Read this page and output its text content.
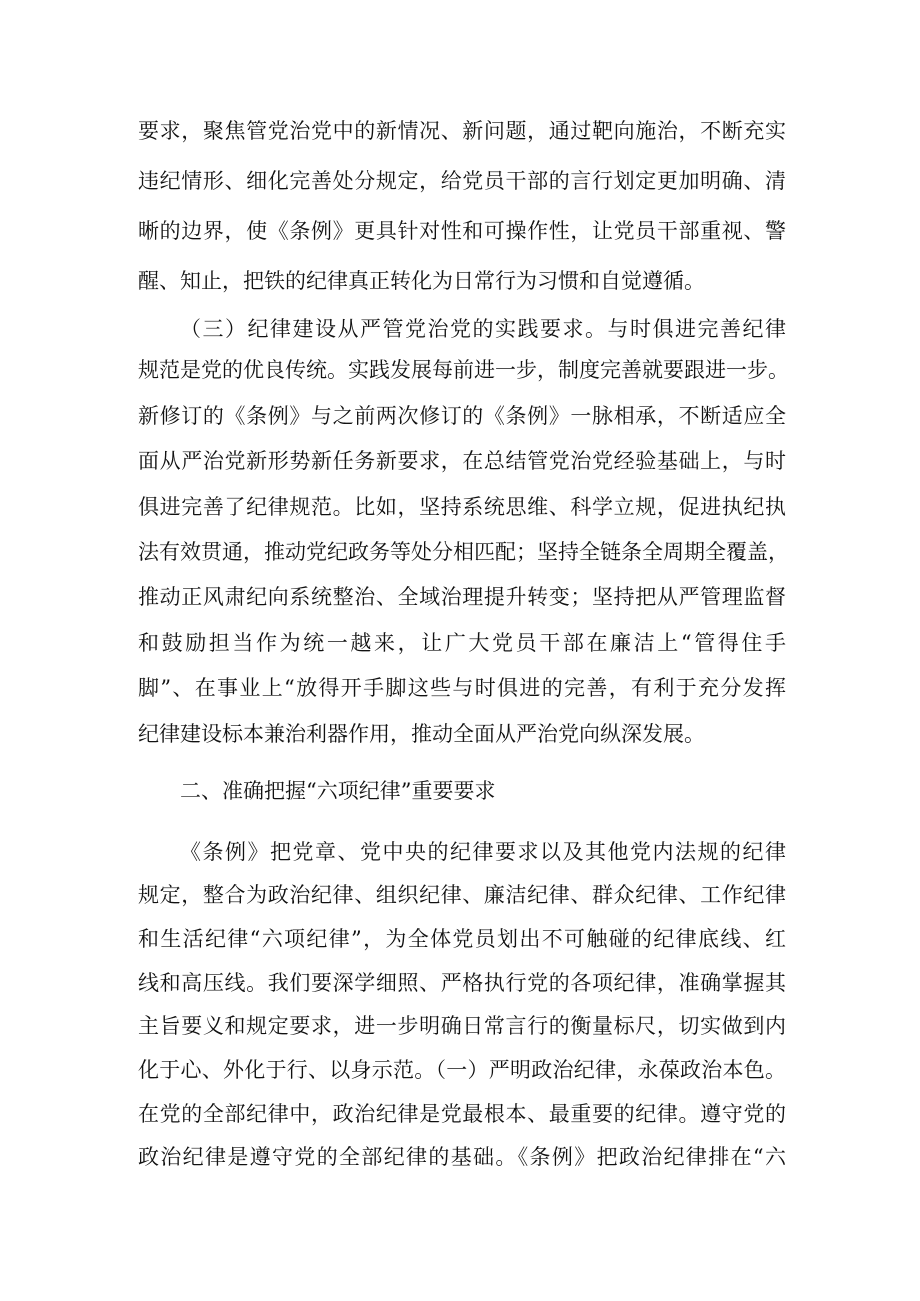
要求，聚焦管党治党中的新情况、新问题，通过靶向施治，不断充实
违纪情形、细化完善处分规定，给党员干部的言行划定更加明确、清
晰的边界，使《条例》更具针对性和可操作性，让党员干部重视、警
醒、知止，把铁的纪律真正转化为日常行为习惯和自觉遵循。
（三）纪律建设从严管党治党的实践要求。与时俱进完善纪律
规范是党的优良传统。实践发展每前进一步，制度完善就要跟进一步。
新修订的《条例》与之前两次修订的《条例》一脉相承，不断适应全
面从严治党新形势新任务新要求，在总结管党治党经验基础上，与时
俱进完善了纪律规范。比如，坚持系统思维、科学立规，促进执纪执
法有效贯通，推动党纪政务等处分相匹配；坚持全链条全周期全覆盖，
推动正风肃纪向系统整治、全域治理提升转变；坚持把从严管理监督
和鼓励担当作为统一越来，让广大党员干部在廉洁上“管得住手
脚”、在事业上“放得开手脚这些与时俱进的完善，有利于充分发挥
纪律建设标本兼治利器作用，推动全面从严治党向纵深发展。
二、准确把握“六项纪律”重要要求
《条例》把党章、党中央的纪律要求以及其他党内法规的纪律
规定，整合为政治纪律、组织纪律、廉洁纪律、群众纪律、工作纪律
和生活纪律“六项纪律”，为全体党员划出不可触碰的纪律底线、红
线和高压线。我们要深学细照、严格执行党的各项纪律，准确掌握其
主旨要义和规定要求，进一步明确日常言行的衡量标尺，切实做到内
化于心、外化于行、以身示范。（一）严明政治纪律，永葆政治本色。
在党的全部纪律中，政治纪律是党最根本、最重要的纪律。遵守党的
政治纪律是遵守党的全部纪律的基础。《条例》把政治纪律排在“六
